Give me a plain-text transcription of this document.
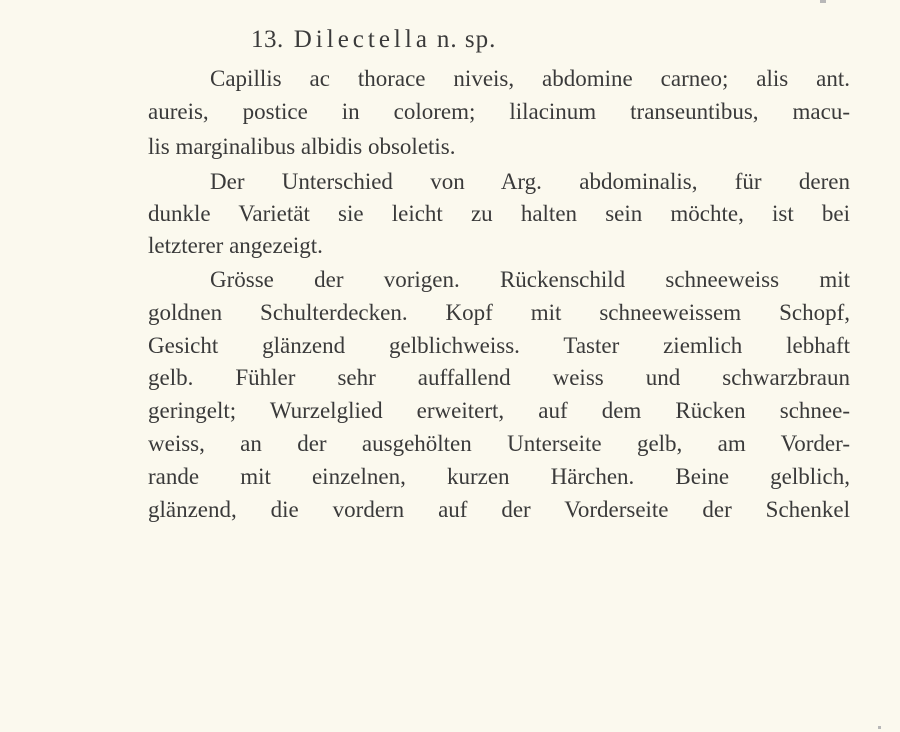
13. Dilectella n. sp.
Capillis ac thorace niveis, abdomine carneo; alis ant.
aureis, postice in colorem; lilacinum transeuntibus, macu-
lis marginalibus albidis obsoletis.
Der Unterschied von Arg. abdominalis, für deren
dunkle Varietät sie leicht zu halten sein möchte, ist bei
letzterer angezeigt.
Grösse der vorigen. Rückenschild schneeweiss mit
goldnen Schulterdecken. Kopf mit schneeweissem Schopf,
Gesicht glänzend gelblichweiss. Taster ziemlich lebhaft
gelb. Fühler sehr auffallend weiss und schwarzbraun
geringelt; Wurzelglied erweitert, auf dem Rücken schnee-
weiss, an der ausgehölten Unterseite gelb, am Vorder-
rande mit einzelnen, kurzen Härchen. Beine gelblich,
glänzend, die vordern auf der Vorderseite der Schenkel
